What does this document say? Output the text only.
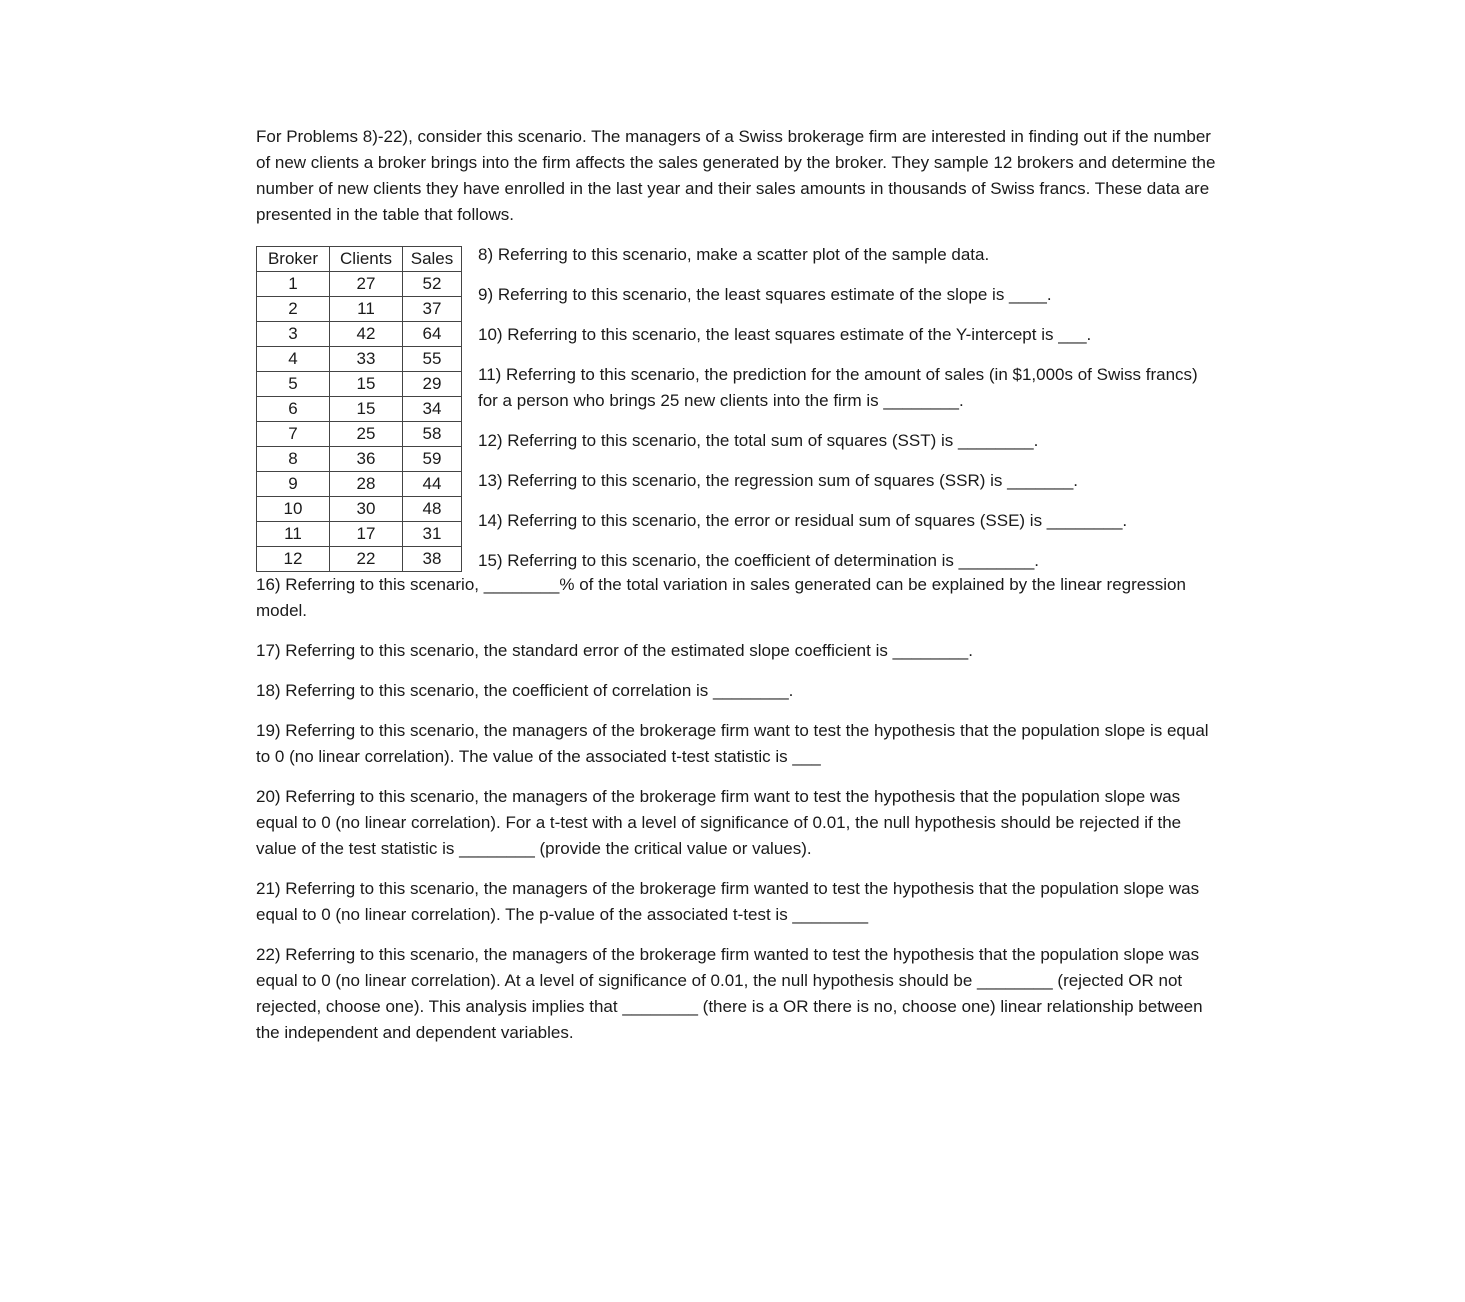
For Problems 8)-22), consider this scenario. The managers of a Swiss brokerage firm are interested in finding out if the number of new clients a broker brings into the firm affects the sales generated by the broker. They sample 12 brokers and determine the number of new clients they have enrolled in the last year and their sales amounts in thousands of Swiss francs. These data are presented in the table that follows.

Broker	Clients	Sales
1	27	52
2	11	37
3	42	64
4	33	55
5	15	29
6	15	34
7	25	58
8	36	59
9	28	44
10	30	48
11	17	31
12	22	38

8) Referring to this scenario, make a scatter plot of the sample data.

9) Referring to this scenario, the least squares estimate of the slope is ____.

10) Referring to this scenario, the least squares estimate of the Y-intercept is ___.

11) Referring to this scenario, the prediction for the amount of sales (in $1,000s of Swiss francs) for a person who brings 25 new clients into the firm is ________.

12) Referring to this scenario, the total sum of squares (SST) is ________.

13) Referring to this scenario, the regression sum of squares (SSR) is _______.

14) Referring to this scenario, the error or residual sum of squares (SSE) is ________.

15) Referring to this scenario, the coefficient of determination is ________.

16) Referring to this scenario, ________% of the total variation in sales generated can be explained by the linear regression model.

17) Referring to this scenario, the standard error of the estimated slope coefficient is ________.

18) Referring to this scenario, the coefficient of correlation is ________.

19) Referring to this scenario, the managers of the brokerage firm want to test the hypothesis that the population slope is equal to 0 (no linear correlation). The value of the associated t-test statistic is ___

20) Referring to this scenario, the managers of the brokerage firm want to test the hypothesis that the population slope was equal to 0 (no linear correlation). For a t-test with a level of significance of 0.01, the null hypothesis should be rejected if the value of the test statistic is ________ (provide the critical value or values).

21) Referring to this scenario, the managers of the brokerage firm wanted to test the hypothesis that the population slope was equal to 0 (no linear correlation). The p-value of the associated t-test is ________

22) Referring to this scenario, the managers of the brokerage firm wanted to test the hypothesis that the population slope was equal to 0 (no linear correlation). At a level of significance of 0.01, the null hypothesis should be ________ (rejected OR not rejected, choose one). This analysis implies that ________ (there is a OR there is no, choose one) linear relationship between the independent and dependent variables.
